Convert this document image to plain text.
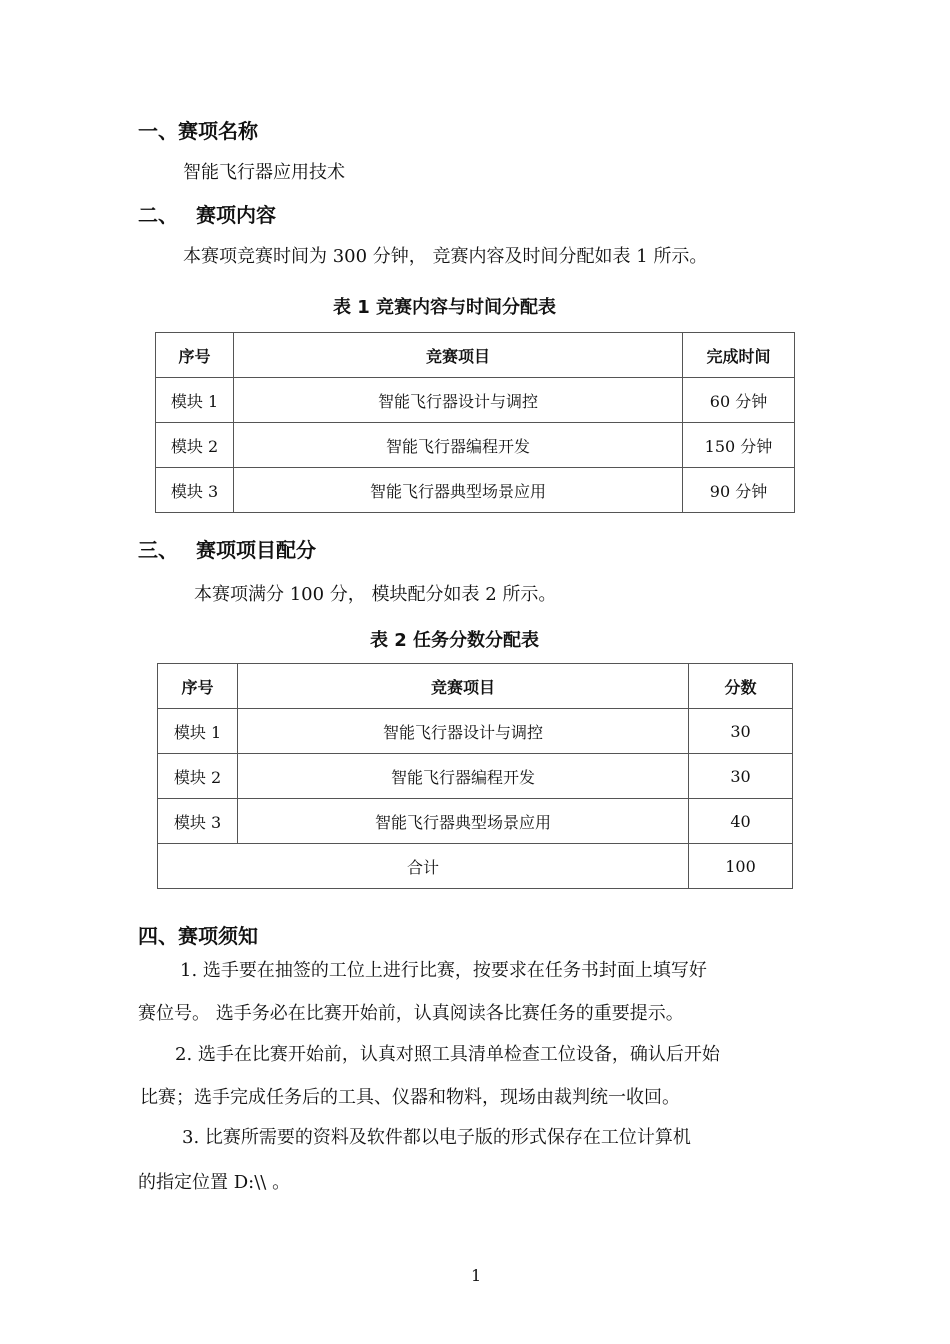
一、赛项名称
智能飞行器应用技术
二、 赛项内容
本赛项竞赛时间为 300 分钟， 竞赛内容及时间分配如表 1 所示。
表 1 竞赛内容与时间分配表
序号	竞赛项目	完成时间
模块 1	智能飞行器设计与调控	60 分钟
模块 2	智能飞行器编程开发	150 分钟
模块 3	智能飞行器典型场景应用	90 分钟
三、 赛项项目配分
本赛项满分 100 分， 模块配分如表 2 所示。
表 2 任务分数分配表
序号	竞赛项目	分数
模块 1	智能飞行器设计与调控	30
模块 2	智能飞行器编程开发	30
模块 3	智能飞行器典型场景应用	40
合计		100
四、赛项须知
1. 选手要在抽签的工位上进行比赛，按要求在任务书封面上填写好
赛位号。 选手务必在比赛开始前，认真阅读各比赛任务的重要提示。
2. 选手在比赛开始前，认真对照工具清单检查工位设备，确认后开始
比赛；选手完成任务后的工具、仪器和物料，现场由裁判统一收回。
3. 比赛所需要的资料及软件都以电子版的形式保存在工位计算机
的指定位置 D:\\ 。
1
